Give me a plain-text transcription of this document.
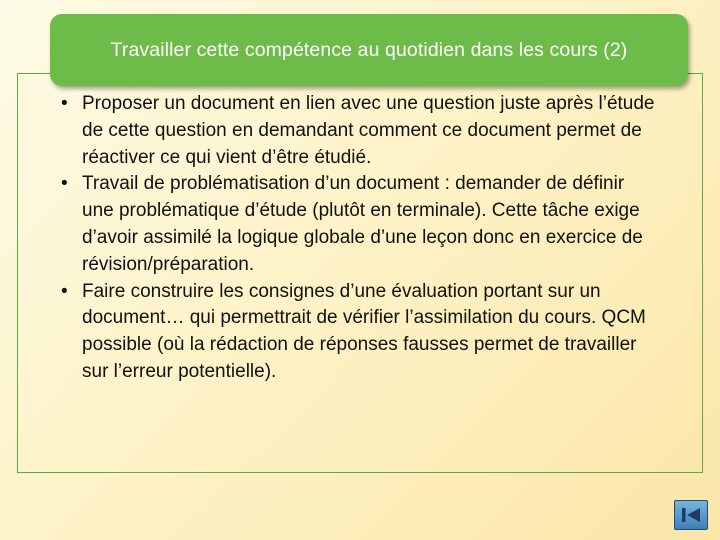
Travailler cette compétence au quotidien dans les cours (2)
• Proposer un document en lien avec une question juste après l’étude de cette question en demandant comment ce document permet de réactiver ce qui vient d’être étudié.
• Travail de problématisation d’un document : demander de définir une problématique d’étude (plutôt en terminale). Cette tâche exige d’avoir assimilé la logique globale d’une leçon donc en exercice de révision/préparation.
• Faire construire les consignes d’une évaluation portant sur un document… qui permettrait de vérifier l’assimilation du cours. QCM possible (où la rédaction de réponses fausses permet de travailler sur l’erreur potentielle).
